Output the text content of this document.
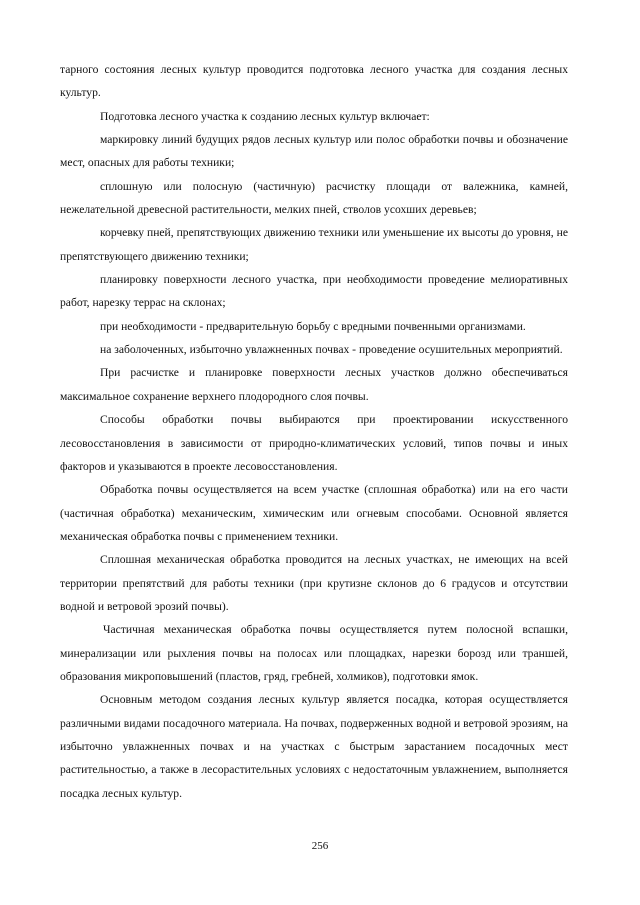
тарного состояния лесных культур проводится подготовка лесного участка для создания лесных культур.

Подготовка лесного участка к созданию лесных культур включает:

маркировку линий будущих рядов лесных культур или полос обработки почвы и обозначение мест, опасных для работы техники;

сплошную или полосную (частичную) расчистку площади от валежника, камней, нежелательной древесной растительности, мелких пней, стволов усохших деревьев;

корчевку пней, препятствующих движению техники или уменьшение их высоты до уровня, не препятствующего движению техники;

планировку поверхности лесного участка, при необходимости проведение мелиоративных работ, нарезку террас на склонах;

при необходимости - предварительную борьбу с вредными почвенными организмами.

на заболоченных, избыточно увлажненных почвах - проведение осушительных мероприятий.

При расчистке и планировке поверхности лесных участков должно обеспечиваться максимальное сохранение верхнего плодородного слоя почвы.

Способы обработки почвы выбираются при проектировании искусственного лесовосстановления в зависимости от природно-климатических условий, типов почвы и иных факторов и указываются в проекте лесовосстановления.

Обработка почвы осуществляется на всем участке (сплошная обработка) или на его части (частичная обработка) механическим, химическим или огневым способами. Основной является механическая обработка почвы с применением техники.

Сплошная механическая обработка проводится на лесных участках, не имеющих на всей территории препятствий для работы техники (при крутизне склонов до 6 градусов и отсутствии водной и ветровой эрозий почвы).

Частичная механическая обработка почвы осуществляется путем полосной вспашки, минерализации или рыхления почвы на полосах или площадках, нарезки борозд или траншей, образования микроповышений (пластов, гряд, гребней, холмиков), подготовки ямок.

Основным методом создания лесных культур является посадка, которая осуществляется различными видами посадочного материала. На почвах, подверженных водной и ветровой эрозиям, на избыточно увлажненных почвах и на участках с быстрым зарастанием посадочных мест растительностью, а также в лесорастительных условиях с недостаточным увлажнением, выполняется посадка лесных культур.

256
